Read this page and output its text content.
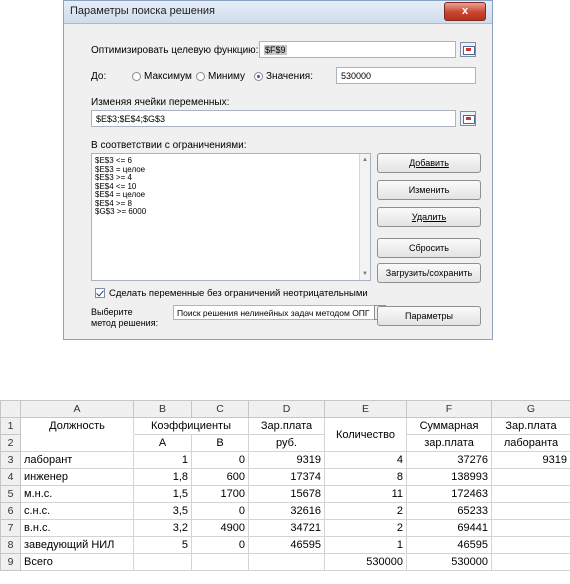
Параметры поиска решения	x
Оптимизировать целевую функцию: $F$9
До:	Максимум Миниму Значения:	530000
Изменяя ячейки переменных:
$E$3;$E$4;$G$3
В соответствии с ограничениями:
$E$3 <= 6
$E$3 = целое
$E$3 >= 4
$E$4 <= 10
$E$4 = целое
$E$4 >= 8
$G$3 >= 6000
▲
▼
Добавить
Изменить
Удалить
Сбросить
Загрузить/сохранить
Сделать переменные без ограничений неотрицательными
Выберите
метод решения:
Поиск решения нелинейных задач методом ОПГ	Параметры
	A	B	C	D	E	F	G
1	Должность	Коэффициенты		Зар.плата	Количество	Суммарная	Зар.плата
2		А	В	руб.		зар.плата	лаборанта
3	лаборант	1	0	9319	4	37276	9319
4	инженер	1,8	600	17374	8	138993	
5	м.н.с.	1,5	1700	15678	11	172463	
6	с.н.с.	3,5	0	32616	2	65233	
7	в.н.с.	3,2	4900	34721	2	69441	
8	заведующий НИЛ	5	0	46595	1	46595	
9	Всего				530000	530000	
